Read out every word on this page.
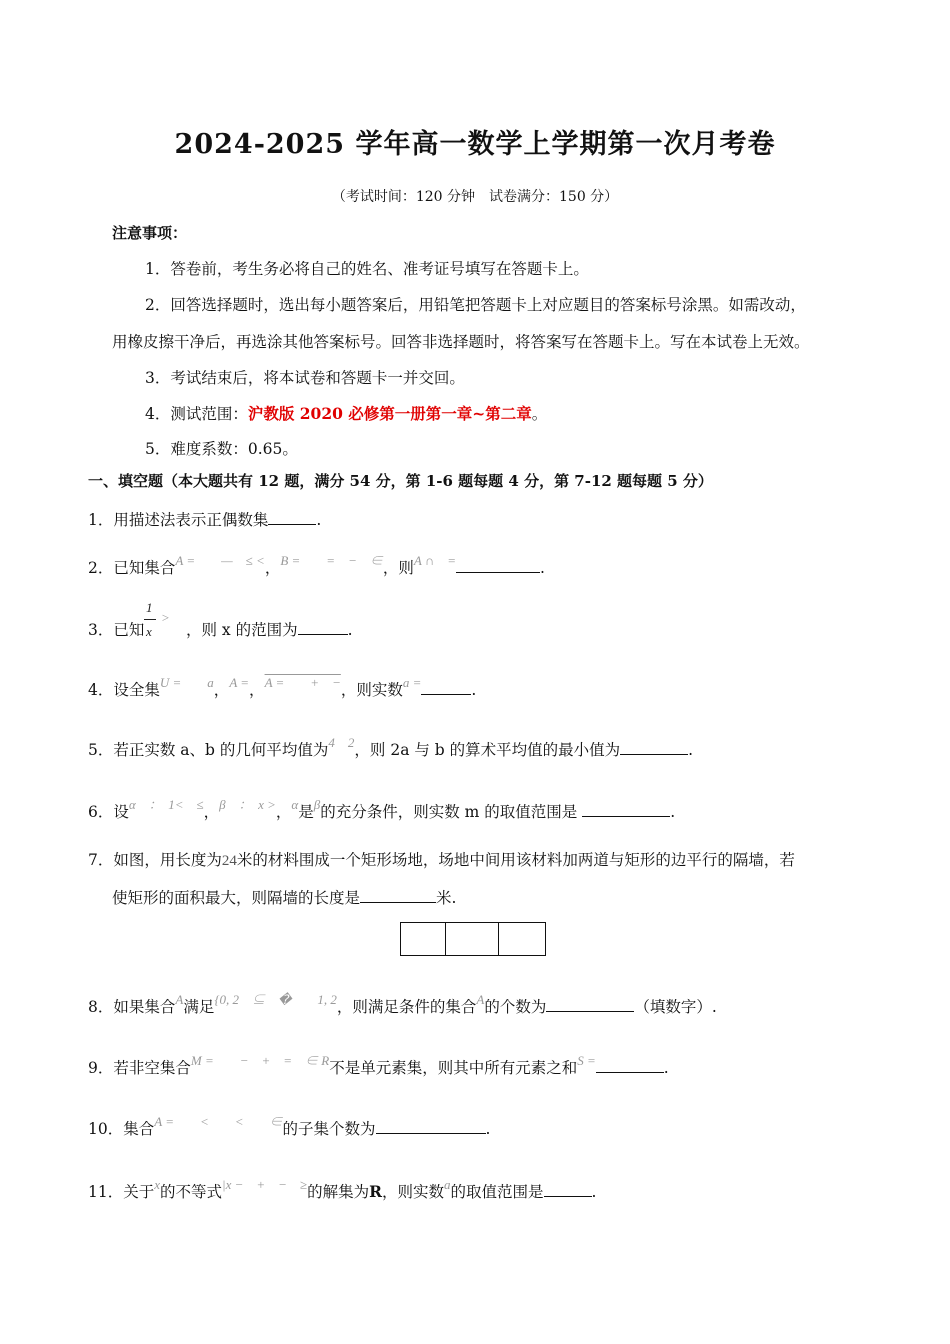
2024-2025 学年高一数学上学期第一次月考卷
（考试时间：120 分钟　试卷满分：150 分）
注意事项：
1．答卷前，考生务必将自己的姓名、准考证号填写在答题卡上。
2．回答选择题时，选出每小题答案后，用铅笔把答题卡上对应题目的答案标号涂黑。如需改动，
用橡皮擦干净后，再选涂其他答案标号。回答非选择题时，将答案写在答题卡上。写在本试卷上无效。
3．考试结束后，将本试卷和答题卡一并交回。
4．测试范围：沪教版 2020 必修第一册第一章~第二章。
5．难度系数：0.65。
一、填空题（本大题共有 12 题，满分 54 分，第 1-6 题每题 4 分，第 7-12 题每题 5 分）
1．用描述法表示正偶数集	.
2．已知集合$^{A = — \le <}$，$^{B = = - \in}$，则$^{A \cap =}$	.
3．已知
1
x
>
，则 x 的范围为	.
4．设全集$^{U = a}$，$^{A =}$，$^{A = + -}$，则实数$^{a =}$	.
5．若正实数 a、b 的几何平均值为$^{4 2}$，则 2a 与 b 的算术平均值的最小值为	.
6．设$^{\alpha : 1< \le}$，$^{\beta : x >}$，$^\alpha$是$^\beta$的充分条件，则实数 m 的取值范围是	.
7．如图，用长度为24米的材料围成一个矩形场地，场地中间用该材料加两道与矩形的边平行的隔墙，若
使矩形的面积最大，则隔墙的长度是	米.
8．如果集合$^A$满足$^{\{0, 2 ⊆ � 1, 2}$，则满足条件的集合$^A$的个数为	（填数字）.
9．若非空集合$^{M = - + = \in R}$不是单元素集，则其中所有元素之和$^{S =}$	.
10．集合$^{A = < < \in}$的子集个数为	.
11．关于$^x$的不等式$^{|x - + - \ge}$的解集为R，则实数$^a$的取值范围是	.
